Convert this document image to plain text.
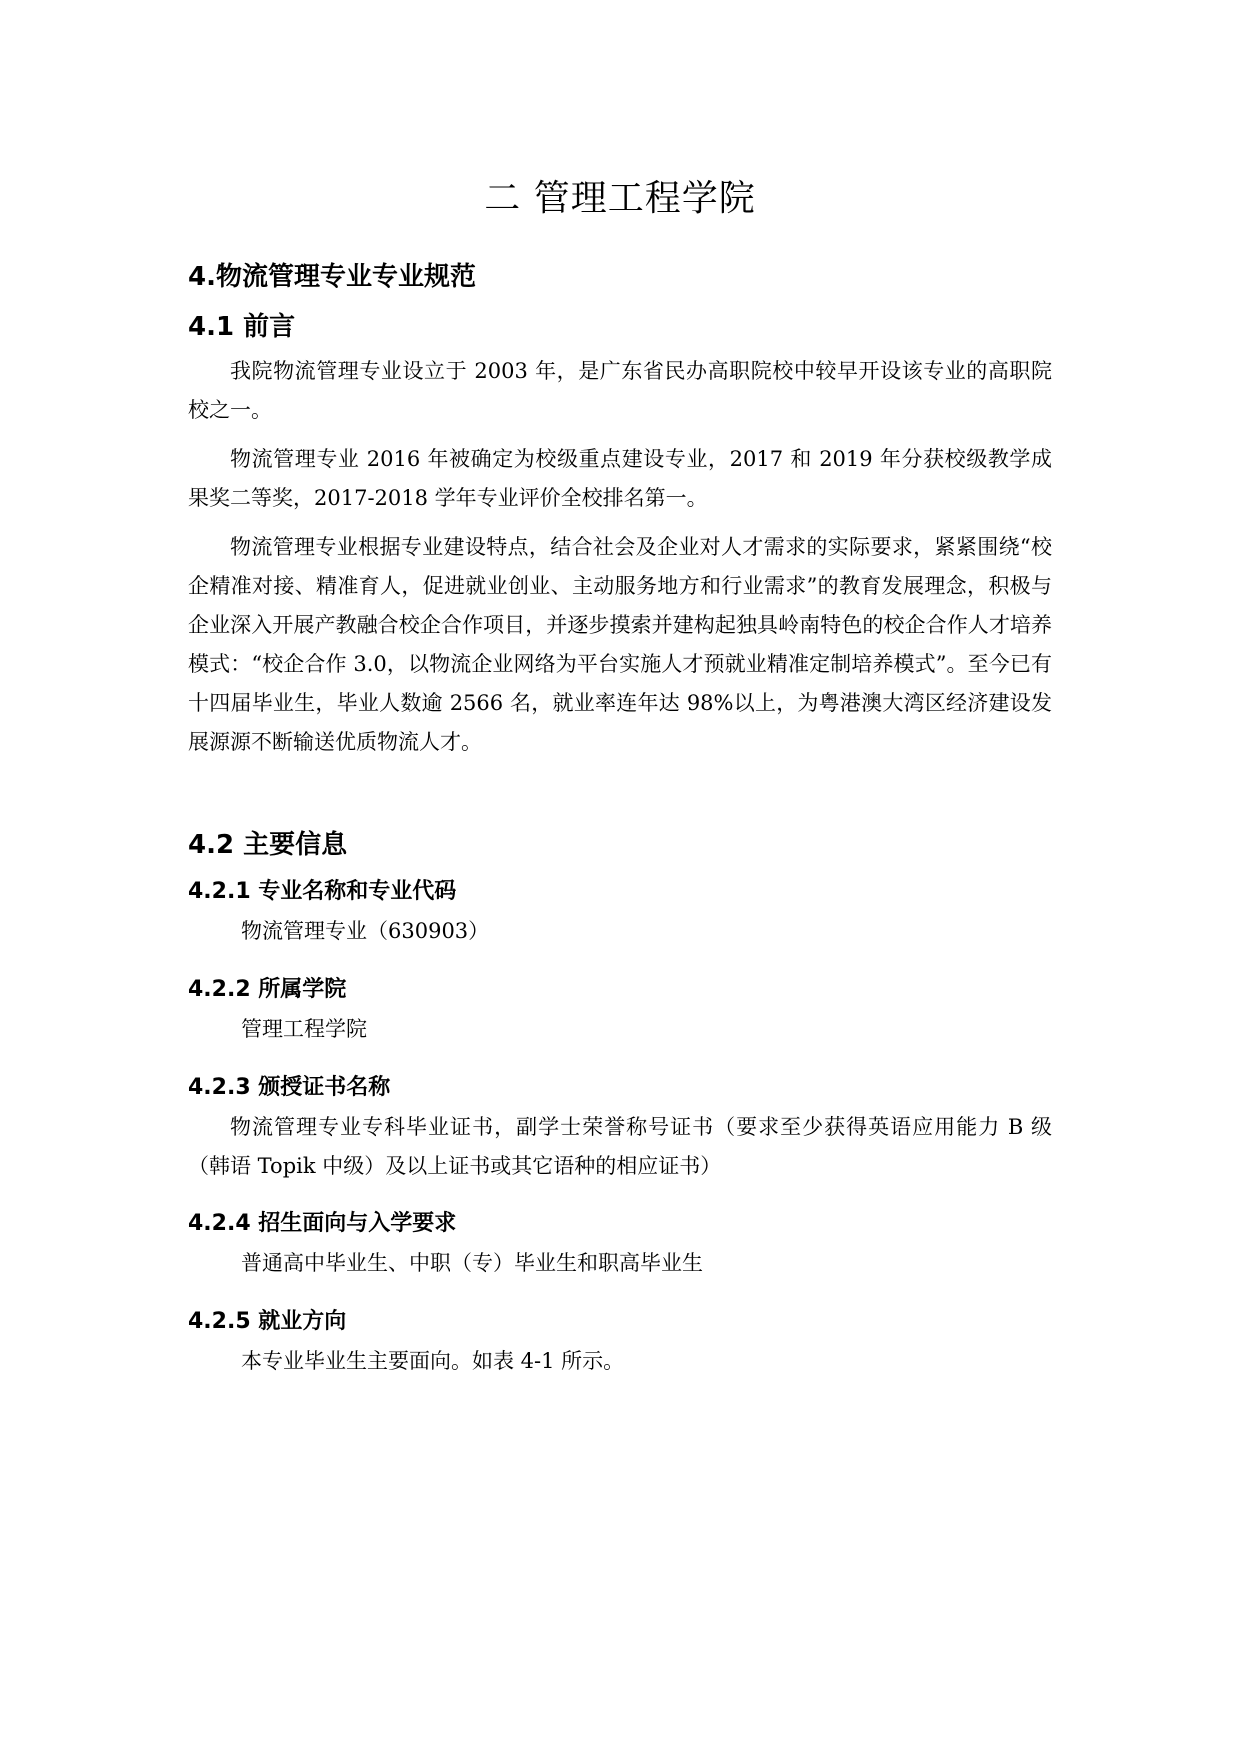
二 管理工程学院
4.物流管理专业专业规范
4.1 前言

我院物流管理专业设立于 2003 年，是广东省民办高职院校中较早开设该专业的高职院校之一。

物流管理专业 2016 年被确定为校级重点建设专业，2017 和 2019 年分获校级教学成果奖二等奖，2017-2018 学年专业评价全校排名第一。

物流管理专业根据专业建设特点，结合社会及企业对人才需求的实际要求，紧紧围绕“校企精准对接、精准育人，促进就业创业、主动服务地方和行业需求”的教育发展理念，积极与企业深入开展产教融合校企合作项目，并逐步摸索并建构起独具岭南特色的校企合作人才培养模式：“校企合作 3.0，以物流企业网络为平台实施人才预就业精准定制培养模式”。至今已有十四届毕业生，毕业人数逾 2566 名，就业率连年达 98%以上，为粤港澳大湾区经济建设发展源源不断输送优质物流人才。

4.2 主要信息
4.2.1 专业名称和专业代码

物流管理专业（630903）

4.2.2 所属学院

管理工程学院

4.2.3 颁授证书名称

物流管理专业专科毕业证书，副学士荣誉称号证书（要求至少获得英语应用能力 B 级（韩语 Topik 中级）及以上证书或其它语种的相应证书）

4.2.4 招生面向与入学要求

普通高中毕业生、中职（专）毕业生和职高毕业生

4.2.5 就业方向

本专业毕业生主要面向。如表 4-1 所示。
